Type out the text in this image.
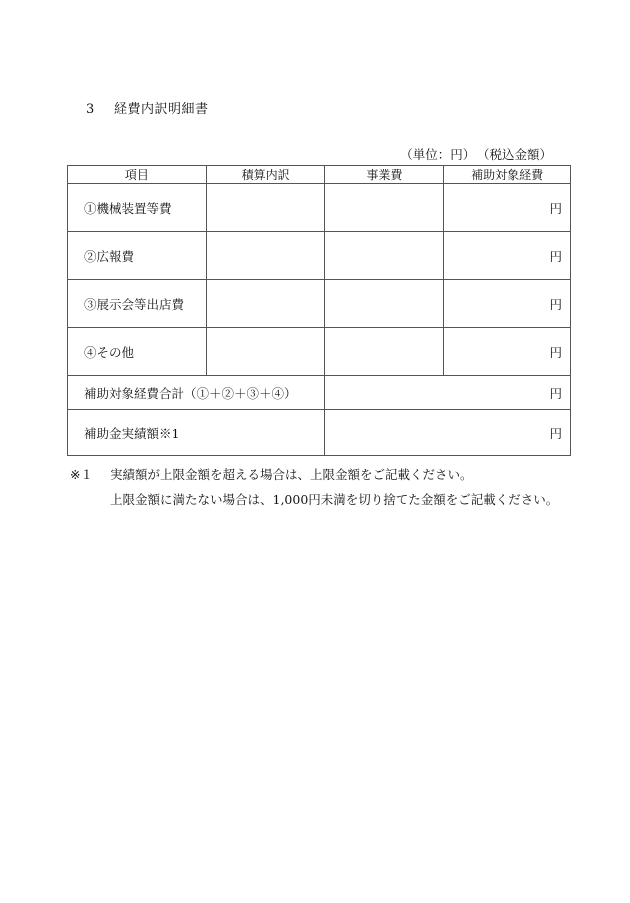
3 経費内訳明細書
（単位：円） （税込金額）
項目	積算内訳	事業費	補助対象経費
①機械装置等費			円
②広報費			円
③展示会等出店費			円
④その他			円
補助対象経費合計（①＋②＋③＋④）		円	
補助金実績額※1		円	
※１ 実績額が上限金額を超える場合は、上限金額をご記載ください。
上限金額に満たない場合は、1,000円未満を切り捨てた金額をご記載ください。
